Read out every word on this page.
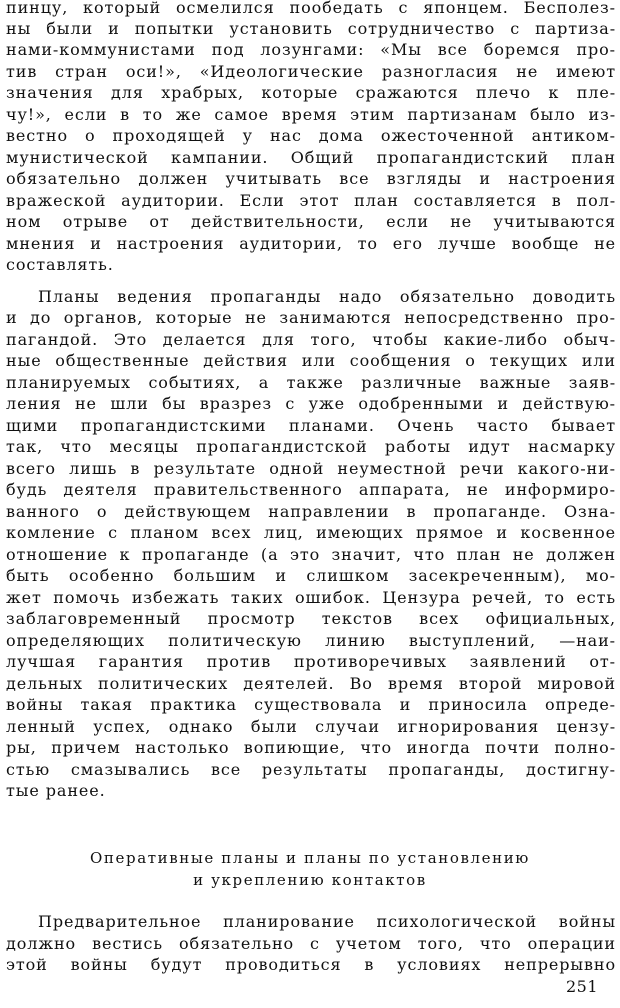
пинцу, который осмелился пообедать с японцем. Бесполез-
ны были и попытки установить сотрудничество с партиза-
нами-коммунистами под лозунгами: «Мы все боремся про-
тив стран оси!», «Идеологические разногласия не имеют
значения для храбрых, которые сражаются плечо к пле-
чу!», если в то же самое время этим партизанам было из-
вестно о проходящей у нас дома ожесточенной антиком-
мунистической кампании. Общий пропагандистский план
обязательно должен учитывать все взгляды и настроения
вражеской аудитории. Если этот план составляется в пол-
ном отрыве от действительности, если не учитываются
мнения и настроения аудитории, то его лучше вообще не
составлять.
Планы ведения пропаганды надо обязательно доводить
и до органов, которые не занимаются непосредственно про-
пагандой. Это делается для того, чтобы какие-либо обыч-
ные общественные действия или сообщения о текущих или
планируемых событиях, а также различные важные заяв-
ления не шли бы вразрез с уже одобренными и действую-
щими пропагандистскими планами. Очень часто бывает
так, что месяцы пропагандистской работы идут насмарку
всего лишь в результате одной неуместной речи какого-ни-
будь деятеля правительственного аппарата, не информиро-
ванного о действующем направлении в пропаганде. Озна-
комление с планом всех лиц, имеющих прямое и косвенное
отношение к пропаганде (а это значит, что план не должен
быть особенно большим и слишком засекреченным), мо-
жет помочь избежать таких ошибок. Цензура речей, то есть
заблаговременный просмотр текстов всех официальных,
определяющих политическую линию выступлений, —наи-
лучшая гарантия против противоречивых заявлений от-
дельных политических деятелей. Во время второй мировой
войны такая практика существовала и приносила опреде-
ленный успех, однако были случаи игнорирования цензу-
ры, причем настолько вопиющие, что иногда почти полно-
стью смазывались все результаты пропаганды, достигну-
тые ранее.
Оперативные планы и планы по установлению
и укреплению контактов
Предварительное планирование психологической войны
должно вестись обязательно с учетом того, что операции
этой войны будут проводиться в условиях непрерывно
251
